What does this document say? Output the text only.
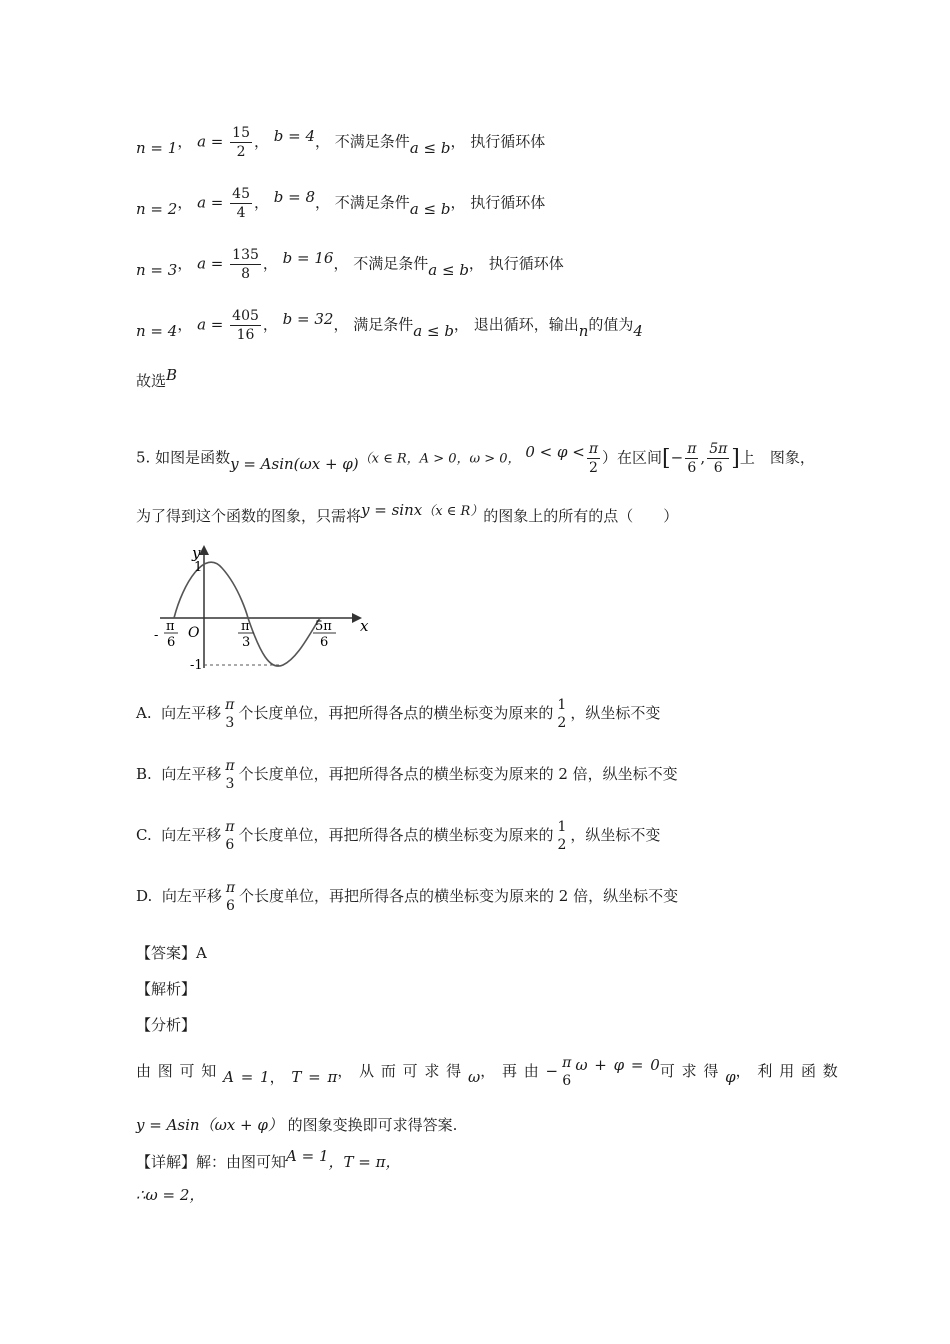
n = 1， $a = \frac{15}{2}$ ， b = 4， 不满足条件a ≤ b， 执行循环体
n = 2， $a = \frac{45}{4}$ ， b = 8， 不满足条件a ≤ b， 执行循环体
n = 3， $a = \frac{135}{8}$ ， b = 16， 不满足条件a ≤ b， 执行循环体
n = 4， $a = \frac{405}{16}$ ， b = 32， 满足条件a ≤ b， 退出循环，输出n的值为4
故选B
5. 如图是函数y = Asin(ωx + φ)（x ∈ R，A > 0，ω > 0， $0 < \varphi < \frac{\pi}{2}$ ）在区间[− $\frac{\pi}{6}$ , $\frac{5\pi}{6}$ ]上　图象，
为了得到这个函数的图象，只需将y = sinx（x ∈ R）的图象上的所有的点（　　）
y
x
O
1
-1
-
π
6
π
3
5π
6
A. 向左平移 π
3
个长度单位，再把所得各点的横坐标变为原来的 1
2
，纵坐标不变
B. 向左平移 π
3
个长度单位，再把所得各点的横坐标变为原来的 2 倍，纵坐标不变
C. 向左平移 π
6
个长度单位，再把所得各点的横坐标变为原来的 1
2
，纵坐标不变
D. 向左平移 π
6
个长度单位，再把所得各点的横坐标变为原来的 2 倍，纵坐标不变
【答案】A
【解析】
【分析】
由 图 可 知 A = 1， T = π， 从 而 可 求 得 ω， 再 由 − π
6
ω + φ = 0可 求 得 φ， 利 用 函 数
y = Asin（ωx + φ） 的图象变换即可求得答案.
【详解】解：由图可知A = 1，T = π，
∴ω = 2，
